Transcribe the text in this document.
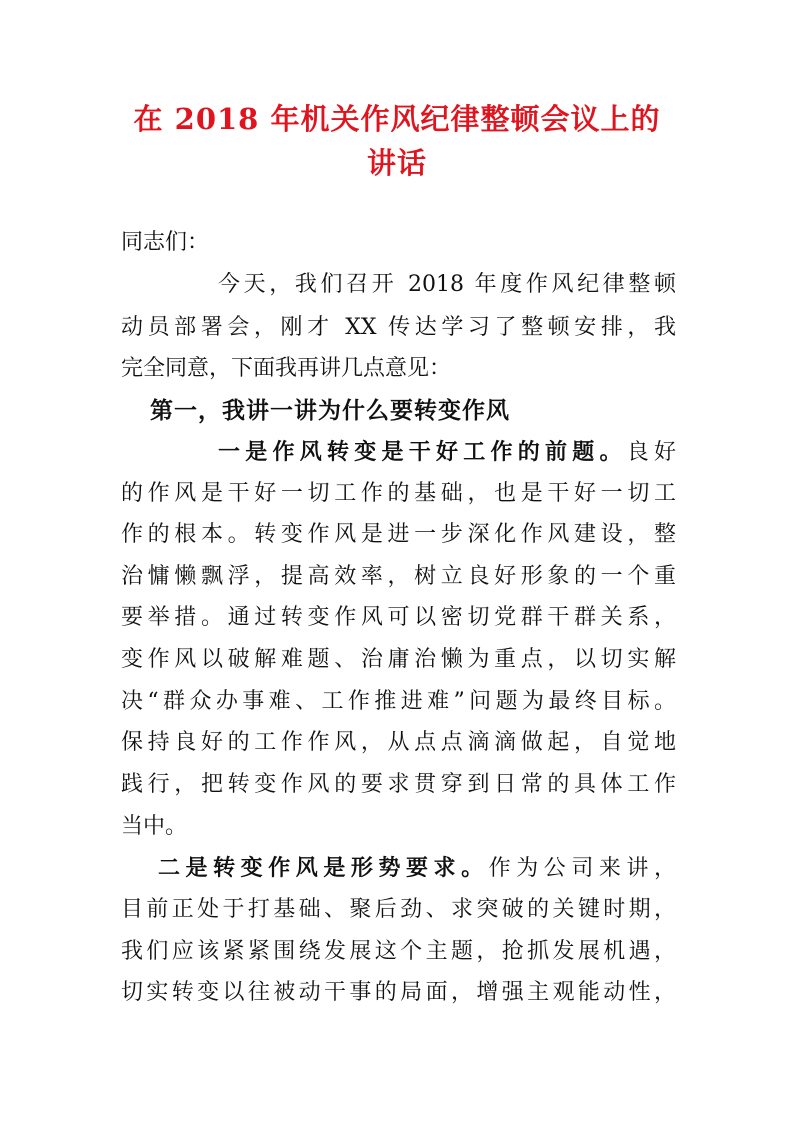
在 2018 年机关作风纪律整顿会议上的
讲话

同志们：

今天，我们召开 2018 年度作风纪律整顿

动员部署会，刚才 XX 传达学习了整顿安排，我

完全同意，下面我再讲几点意见：

第一，我讲一讲为什么要转变作风

一是作风转变是干好工作的前题。良好

的作风是干好一切工作的基础，也是干好一切工

作的根本。转变作风是进一步深化作风建设，整

治慵懒飘浮，提高效率，树立良好形象的一个重

要举措。通过转变作风可以密切党群干群关系，

变作风以破解难题、治庸治懒为重点，以切实解

决“群众办事难、工作推进难”问题为最终目标。

保持良好的工作作风，从点点滴滴做起，自觉地

践行，把转变作风的要求贯穿到日常的具体工作

当中。

二是转变作风是形势要求。作为公司来讲，

目前正处于打基础、聚后劲、求突破的关键时期，

我们应该紧紧围绕发展这个主题，抢抓发展机遇，

切实转变以往被动干事的局面，增强主观能动性，
